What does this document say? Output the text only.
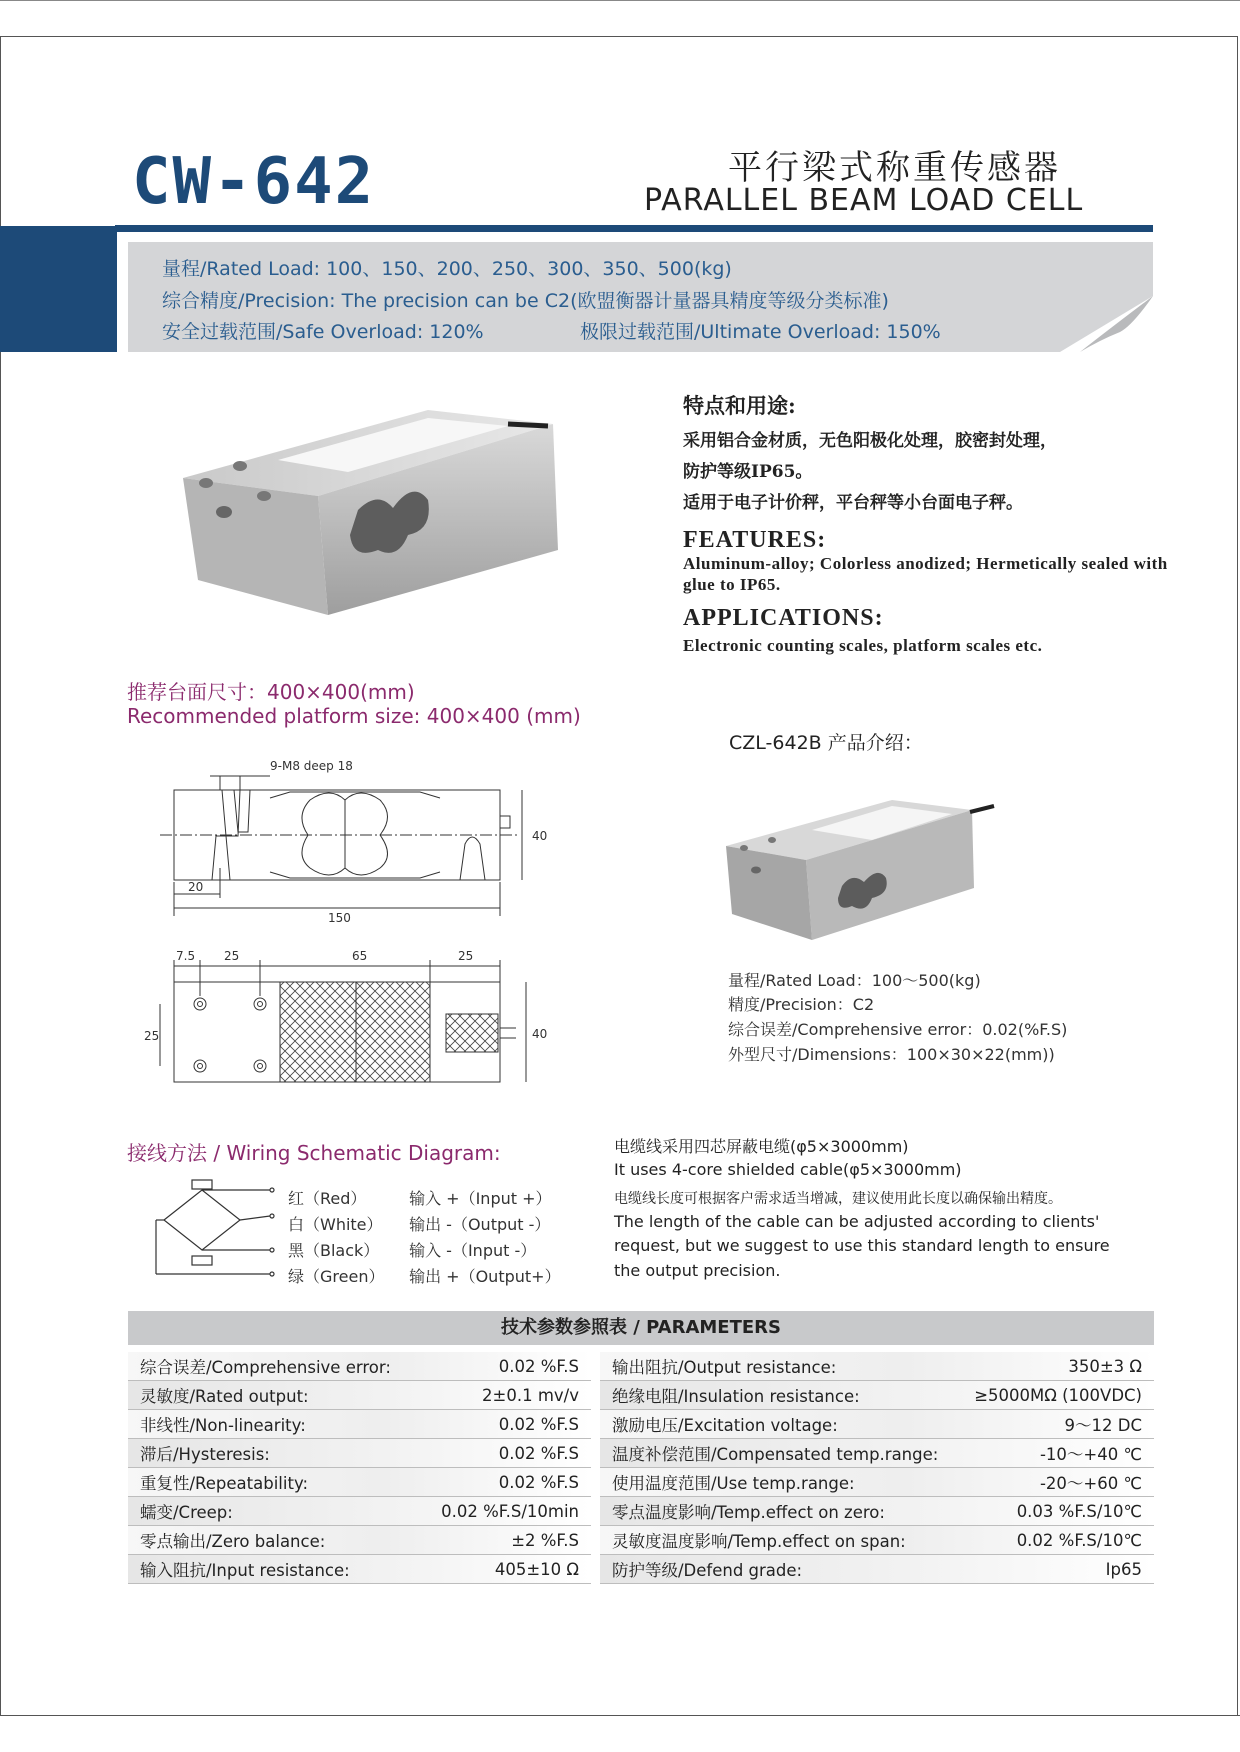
CW-642	平行梁式称重传感器
PARALLEL BEAM LOAD CELL
量程/Rated Load: 100、150、200、250、300、350、500(kg)
综合精度/Precision: The precision can be C2(欧盟衡器计量器具精度等级分类标准)
安全过载范围/Safe Overload: 120%	极限过载范围/Ultimate Overload: 150%

特点和用途:

采用铝合金材质，无色阳极化处理，胶密封处理，

防护等级IP65。

适用于电子计价秤，平台秤等小台面电子秤。

FEATURES:

Aluminum-alloy; Colorless anodized; Hermetically sealed with glue to IP65.

APPLICATIONS:

Electronic counting scales, platform scales etc.

推荐台面尺寸：400×400(mm)
Recommended platform size: 400×400 (mm)
CZL-642B 产品介绍：
9-M8 deep 18
40
20
150
7.5 25	65	25
25	40
量程/Rated Load：100～500(kg)
精度/Precision：C2
综合误差/Comprehensive error：0.02(%F.S)
外型尺寸/Dimensions：100×30×22(mm))
接线方法 / Wiring Schematic Diagram:
红（Red）	输入 +（Input +）
白（White） 输出 -（Output -）
黑（Black） 输入 -（Input -）
绿（Green） 输出 +（Output+）
电缆线采用四芯屏蔽电缆(φ5×3000mm)
It uses 4-core shielded cable(φ5×3000mm)
电缆线长度可根据客户需求适当增减，建议使用此长度以确保输出精度。
The length of the cable can be adjusted according to clients'
request, but we suggest to use this standard length to ensure
the output precision.
技术参数参照表 / PARAMETERS
综合误差/Comprehensive error:	0.02 %F.S
灵敏度/Rated output:	2±0.1 mv/v
非线性/Non-linearity:	0.02 %F.S
滞后/Hysteresis:	0.02 %F.S
重复性/Repeatability:	0.02 %F.S
蠕变/Creep:	0.02 %F.S/10min
零点输出/Zero balance:	±2 %F.S
输入阻抗/Input resistance:	405±10 Ω
输出阻抗/Output resistance:	350±3 Ω
绝缘电阻/Insulation resistance:	≥5000MΩ (100VDC)
激励电压/Excitation voltage:	9～12 DC
温度补偿范围/Compensated temp.range:	-10～+40 ℃
使用温度范围/Use temp.range:	-20～+60 ℃
零点温度影响/Temp.effect on zero:	0.03 %F.S/10℃
灵敏度温度影响/Temp.effect on span:	0.02 %F.S/10℃
防护等级/Defend grade:	Ip65
